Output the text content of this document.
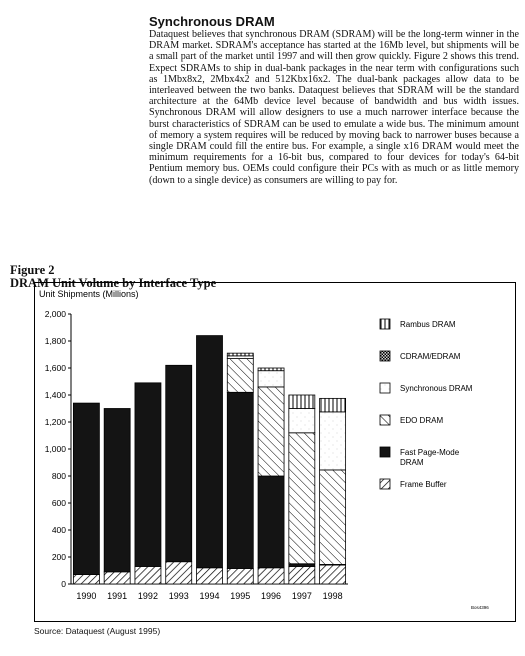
Synchronous DRAM

Dataquest believes that synchronous DRAM (SDRAM) will be the long-term winner in the DRAM market. SDRAM's acceptance has started at the 16Mb level, but shipments will be a small part of the market until 1997 and will then grow quickly. Figure 2 shows this trend. Expect SDRAMs to ship in dual-bank packages in the near term with configurations such as 1Mbx8x2, 2Mbx4x2 and 512Kbx16x2. The dual-bank packages allow data to be interleaved between the two banks. Dataquest believes that SDRAM will be the standard architecture at the 64Mb device level because of bandwidth and bus width issues. Synchronous DRAM will allow designers to use a much narrower interface because the burst characteristics of SDRAM can be used to emulate a wide bus. The minimum amount of memory a system requires will be reduced by moving back to narrower buses because a single DRAM could fill the entire bus. For example, a single x16 DRAM would meet the minimum requirements for a 16-bit bus, compared to four devices for today's 64-bit Pentium memory bus. OEMs could configure their PCs with as much or as little memory (down to a single device) as consumers are willing to pay for.

Figure 2
DRAM Unit Volume by Interface Type
Unit Shipments (Millions)
0
200
400
600
800
1,000
1,200
1,400
1,600
1,800
2,000
1990 1991 1992 1993 1994 1995 1996 1997 1998
Rambus DRAM
CDRAM/EDRAM
Synchronous DRAM
EDO DRAM
Fast Page-Mode DRAM
Frame Buffer
Bos4396
Source: Dataquest (August 1995)
